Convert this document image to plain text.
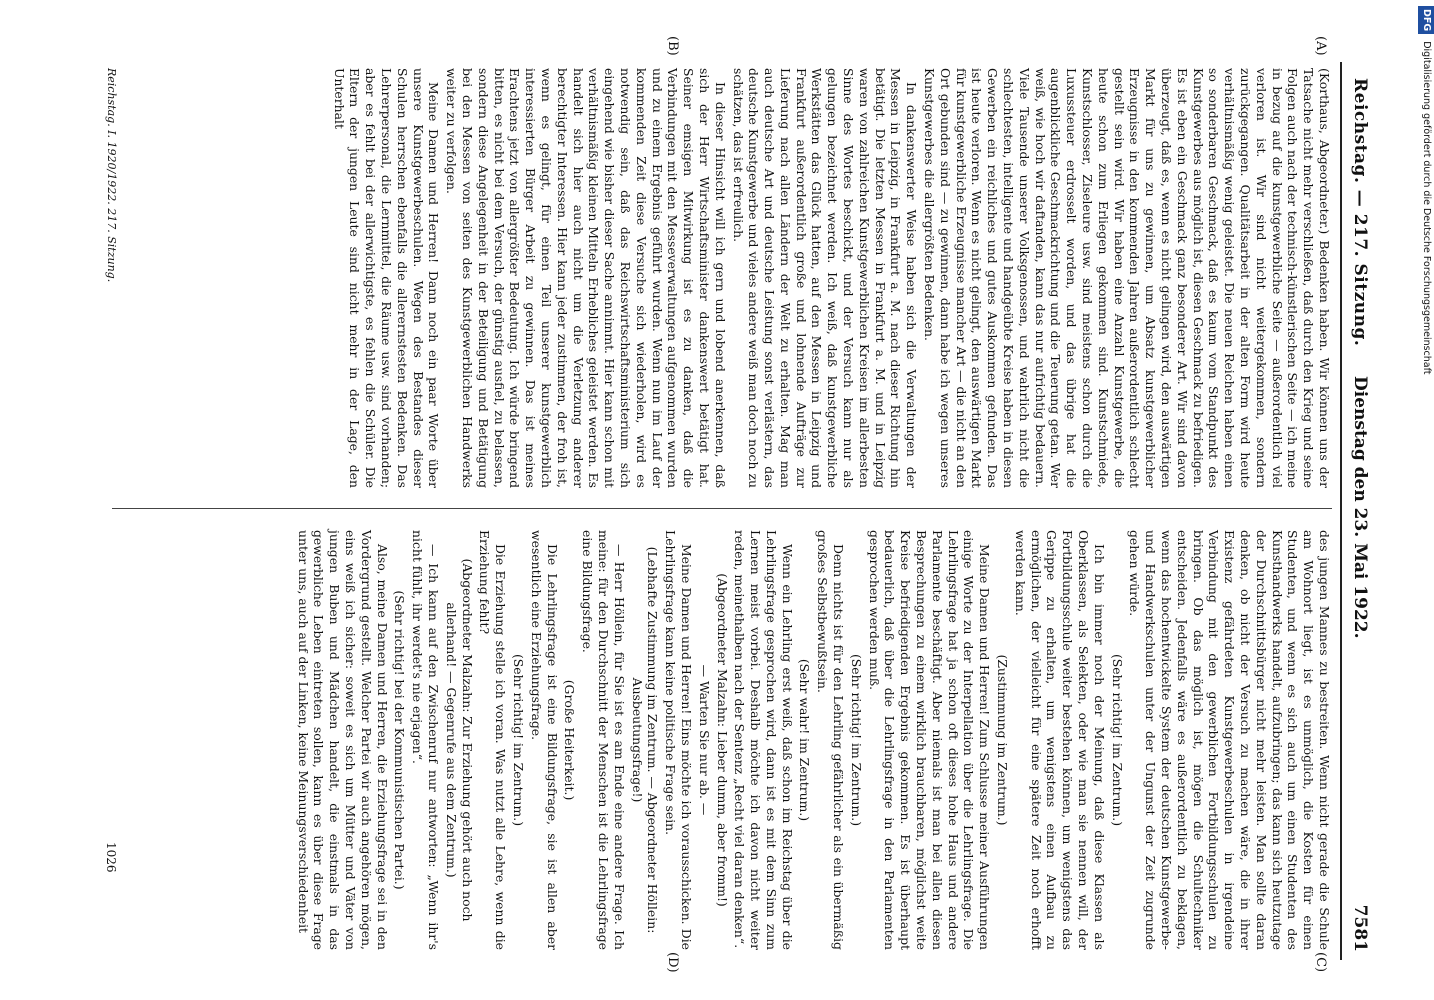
Reichstag. — 217. Sitzung.
Dienstag den 23. Mai 1922.
7581
(A)
(B)
(C)
(D)

(Korthaus, Abgeordneter.) Bedenken haben. Wir können uns der Tatsache nicht mehr verschließen, daß durch den Krieg und seine Folgen auch nach der technisch-künstlerischen Seite — ich meine in bezug auf die kunstgewerbliche Seite — außerordentlich viel verloren ist. Wir sind nicht weitergekommen, sondern zurückgegangen. Qualitätsarbeit in der alten Form wird heute verhältnismäßig wenig geleistet. Die neuen Reichen haben einen so sonderbaren Geschmack, daß es kaum vom Standpunkt des Kunstgewerbes aus möglich ist, diesen Geschmack zu befriedigen. Es ist eben ein Geschmack ganz besonderer Art. Wir sind davon überzeugt, daß es, wenn es nicht gelingen wird, den auswärtigen Markt für uns zu gewinnen, um Absatz kunstgewerblicher Erzeugnisse in den kommenden Jahren außerordentlich schlecht gestellt sein wird. Wir haben eine Anzahl Kunstgewerbe, die heute schon zum Erliegen gekommen sind. Kunstschmiede, Kunstschlosser, Ziseleure usw. sind meistens schon durch die Luxussteuer erdrosselt worden, und das übrige hat die augenblickliche Geschmackrichtung und die Teuerung getan. Wer weiß, wie hoch wir daftanden, kann das nur aufrichtig bedauern. Viele Tausende unserer Volksgenossen, und wahrlich nicht die schlechtesten, intelligente und handgeübte Kreise haben in diesen Gewerben ein reichliches und gutes Auskommen gefunden. Das ist heute verloren. Wenn es nicht gelingt, den auswärtigen Markt für kunstgewerbliche Erzeugnisse mancher Art — die nicht an den Ort gebunden sind — zu gewinnen, dann habe ich wegen unseres Kunstgewerbes die allergrößten Bedenken.

In dankenswerter Weise haben sich die Verwaltungen der Messen in Leipzig, in Frankfurt a. M. nach dieser Richtung hin betätigt. Die letzten Messen in Frankfurt a. M. und in Leipzig waren von zahlreichen Kunstgewerblichen Kreisen im allerbesten Sinne des Wortes beschickt, und der Versuch kann nur als gelungen bezeichnet werden. Ich weiß, daß kunstgewerbliche Werkstätten das Glück hatten, auf den Messen in Leipzig und Frankfurt außerordentlich große und lohnende Aufträge zur Lieferung nach allen Ländern der Welt zu erhalten. Mag man auch deutsche Art und deutsche Leistung sonst verlästern, das deutsche Kunstgewerbe und vieles andere weiß man doch noch zu schätzen, das ist erfreulich.

In dieser Hinsicht will ich gern und lobend anerkennen, daß sich der Herr Wirtschaftsminister dankenswert betätigt hat. Seiner emsigen Mitwirkung ist es zu danken, daß die Verbindungen mit den Messeverwaltungen aufgenommen wurden und zu einem Ergebnis geführt wurden. Wenn nun im Lauf der kommenden Zeit diese Versuche sich wiederholen, wird es notwendig sein, daß das Reichswirtschaftsministerium sich eingehend wie bisher dieser Sache annimmt. Hier kann schon mit verhältnismäßig kleinen Mitteln Erhebliches geleistet werden. Es handelt sich hier auch nicht um die Verletzung anderer berechtigter Interessen. Hier kann jeder zustimmen, der froh ist, wenn es gelingt, für einen Teil unserer kunstgewerblich interessierten Bürger Arbeit zu gewinnen. Das ist meines Erachtens jetzt von allergrößter Bedeutung. Ich würde bringend bitten, es nicht bei dem Versuch, der günstig ausfiel, zu belassen, sondern diese Angelegenheit in der Beteiligung und Betätigung bei den Messen von seiten des Kunstgewerblichen Handwerks weiter zu verfolgen.

Meine Damen und Herren! Dann noch ein paar Worte über unsere Kunstgewerbeschulen. Wegen des Bestandes dieser Schulen herrschen ebenfalls die allerernstesten Bedenken. Das Lehrerpersonal, die Lernmittel, die Räume usw. sind vorhanden; aber es fehlt bei der allerwichtigste, es fehlen die Schüler. Die Eltern der jungen Leute sind nicht mehr in der Lage, den Unterhalt

des jungen Mannes zu bestreiten. Wenn nicht gerade die Schule am Wohnort liegt, ist es unmöglich, die Kosten für einen Studenten, und wenn es sich auch um einen Studenten des Kunsthandwerks handelt, aufzubringen; das kann sich heutzutage der Durchschnittsbürger nicht mehr leisten. Man sollte daran denken, ob nicht der Versuch zu machen wäre, die in ihrer Existenz gefährdeten Kunstgewerbeschulen in irgendeine Verbindung mit den gewerblichen Fortbildungsschulen zu bringen. Ob das möglich ist, mögen die Schultechniker entscheiden. Jedenfalls wäre es außerordentlich zu beklagen, wenn das hochentwickelte System der deutschen Kunstgewerbe- und Handwerkschulen unter der Ungunst der Zeit zugrunde gehen würde.

(Sehr richtig! im Zentrum.)

Ich bin immer noch der Meinung, daß diese Klassen als Oberklassen, als Selekten, oder wie man sie nennen will, der Fortbildungsschule weiter bestehen können, um wenigstens das Gerippe zu erhalten, um wenigstens einen Aufbau zu ermöglichen, der vielleicht für eine spätere Zeit noch erhofft werden kann.

(Zustimmung im Zentrum.)

Meine Damen und Herren! Zum Schlusse meiner Ausführungen einige Worte zu der Interpellation über die Lehrlingsfrage. Die Lehrlingsfrage hat ja schon oft dieses hohe Haus und andere Parlamente beschäftigt. Aber niemals ist man bei allen diesen Besprechungen zu einem wirklich brauchbaren, möglichst weite Kreise befriedigenden Ergebnis gekommen. Es ist überhaupt bedauerlich, daß über die Lehrlingsfrage in den Parlamenten gesprochen werden muß.

(Sehr richtig! im Zentrum.)

Denn nichts ist für den Lehrling gefährlicher als ein übermäßig großes Selbstbewußtsein.

(Sehr wahr! im Zentrum.)

Wenn ein Lehrling erst weiß, daß schon im Reichstag über die Lehrlingsfrage gesprochen wird, dann ist es mit dem Sinn zum Lernen meist vorbei. Deshalb möchte ich davon nicht weiter reden, meinethalben nach der Sentenz „Recht viel daran denken“.

(Abgeordneter Malzahn: Lieber dumm, aber fromm!)

— Warten Sie nur ab. —

Meine Damen und Herren! Eins möchte ich vorausschicken. Die Lehrlingsfrage kann keine politische Frage sein.

(Lebhafte Zustimmung im Zentrum. — Abgeordneter Höllein: Ausbeutungsfrage!)

— Herr Höllein, für Sie ist es am Ende eine andere Frage. Ich meine: für den Durchschnitt der Menschen ist die Lehrlingsfrage eine Bildungsfrage.

(Große Heiterkeit.)

Die Lehrlingsfrage ist eine Bildungsfrage, sie ist allen aber wesentlich eine Erziehungsfrage.

(Sehr richtig! im Zentrum.)

Die Erziehung stelle ich voran. Was nutzt alle Lehre, wenn die Erziehung fehlt?

(Abgeordneter Malzahn: Zur Erziehung gehört auch noch allerhand! — Gegenrufe aus dem Zentrum.)

— Ich kann auf den Zwischenruf nur antworten: „Wenn ihr's nicht fühlt, ihr werdet's nie erjagen“.

(Sehr richtig! bei der Kommunistischen Partei.)

Also, meine Damen und Herren, die Erziehungsfrage sei in den Vordergrund gestellt. Welcher Partei wir auch angehören mögen, eins weiß ich sicher: soweit es sich um Mütter und Väter von jungen Buben und Mädchen handelt, die einstmals in das gewerbliche Leben eintreten sollen, kann es über diese Frage unter uns, auch auf der Linken, keine Meinungsverschiedenheit

Reichstag. I. 1920/1922. 217. Sitzung.
1026
DFG Digitalisierung gefördert durch die Deutsche Forschungsgemeinschaft
